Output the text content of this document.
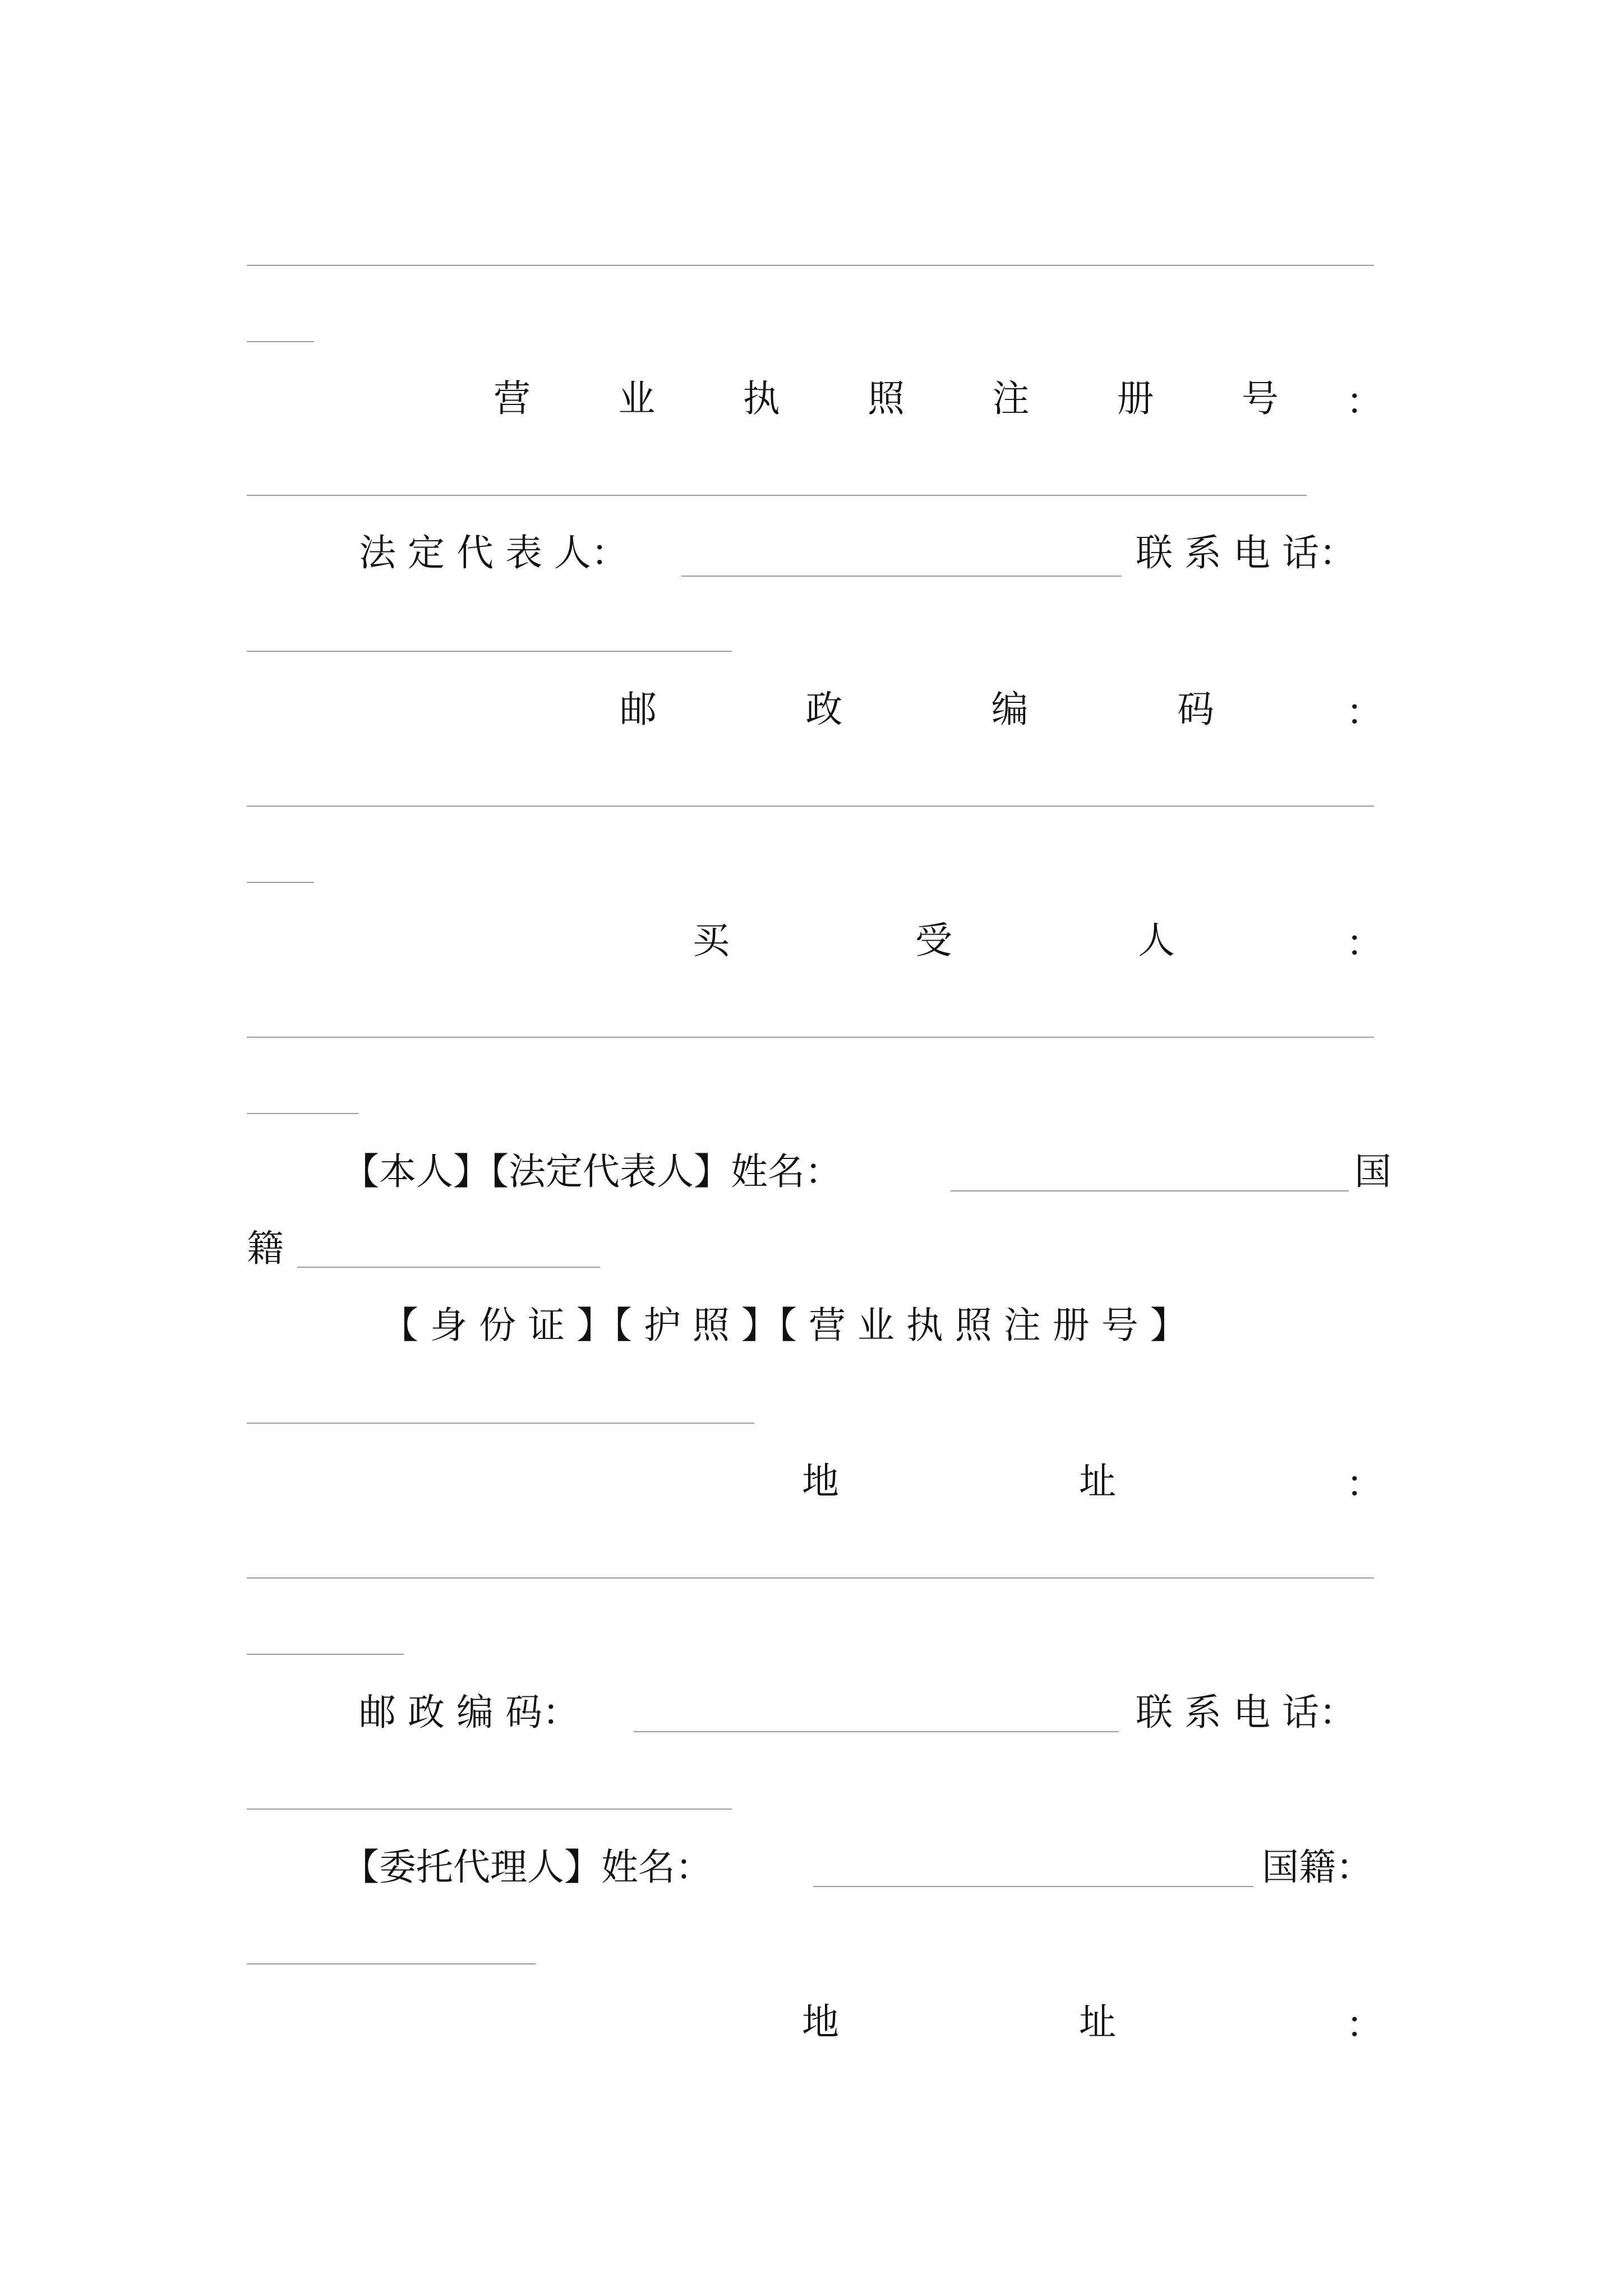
营 业 执 照 注 册 号 ：
法 定 代 表 人：	联 系 电 话：
邮	政	编	码	：
买	受	人	：
【本人】【法定代表人】姓名：	国
籍
【 身 份 证 】【 护 照 】【 营 业 执 照 注 册 号 】
地	址	：
邮 政 编 码：	联 系 电 话：
【委托代理人】姓名：	国籍：
地	址	：
